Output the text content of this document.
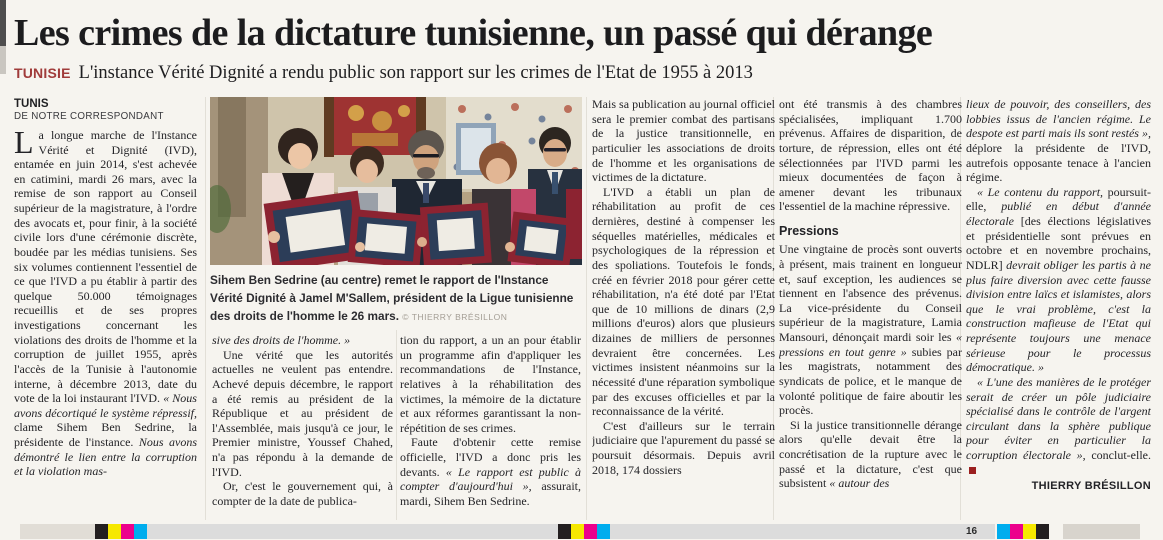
Les crimes de la dictature tunisienne, un passé qui dérange
TUNISIE L'instance Vérité Dignité a rendu public son rapport sur les crimes de l'Etat de 1955 à 2013
TUNIS
DE NOTRE CORRESPONDANT

La longue marche de l'Instance Vérité et Dignité (IVD), entamée en juin 2014, s'est achevée en catimini, mardi 26 mars, avec la remise de son rapport au Conseil supérieur de la magistrature, à l'ordre des avocats et, pour finir, à la société civile lors d'une cérémonie discrète, boudée par les médias tunisiens. Ses six volumes contiennent l'essentiel de ce que l'IVD a pu établir à partir des quelque 50.000 témoignages recueillis et de ses propres investigations concernant les violations des droits de l'homme et la corruption de juillet 1955, après l'accès de la Tunisie à l'autonomie interne, à décembre 2013, date du vote de la loi instaurant l'IVD. « Nous avons décortiqué le système répressif, clame Sihem Ben Sedrine, la présidente de l'instance. Nous avons démontré le lien entre la corruption et la violation mas-

Sihem Ben Sedrine (au centre) remet le rapport de l'Instance Vérité Dignité à Jamel M'Sallem, président de la Ligue tunisienne des droits de l'homme le 26 mars. © THIERRY BRÉSILLON

sive des droits de l'homme. »

Une vérité que les autorités actuelles ne veulent pas entendre. Achevé depuis décembre, le rapport a été remis au président de la République et au président de l'Assemblée, mais jusqu'à ce jour, le Premier ministre, Youssef Chahed, n'a pas répondu à la demande de l'IVD.

Or, c'est le gouvernement qui, à compter de la date de publica-

tion du rapport, a un an pour établir un programme afin d'appliquer les recommandations de l'Instance, relatives à la réhabilitation des victimes, la mémoire de la dictature et aux réformes garantissant la non-répétition de ses crimes.

Faute d'obtenir cette remise officielle, l'IVD a donc pris les devants. « Le rapport est public à compter d'aujourd'hui », assurait, mardi, Sihem Ben Sedrine.

Mais sa publication au journal officiel sera le premier combat des partisans de la justice transitionnelle, en particulier les associations de droits de l'homme et les organisations de victimes de la dictature.

L'IVD a établi un plan de réhabilitation au profit de ces dernières, destiné à compenser les séquelles matérielles, médicales et psychologiques de la répression et des spoliations. Toutefois le fonds, créé en février 2018 pour gérer cette réhabilitation, n'a été doté par l'Etat que de 10 millions de dinars (2,9 millions d'euros) alors que plusieurs dizaines de milliers de personnes devraient être concernées. Les victimes insistent néanmoins sur la nécessité d'une réparation symbolique par des excuses officielles et par la reconnaissance de la vérité.

C'est d'ailleurs sur le terrain judiciaire que l'apurement du passé se poursuit désormais. Depuis avril 2018, 174 dossiers

ont été transmis à des chambres spécialisées, impliquant 1.700 prévenus. Affaires de disparition, de torture, de répression, elles ont été sélectionnées par l'IVD parmi les mieux documentées de façon à amener devant les tribunaux l'essentiel de la machine répressive.

Pressions

Une vingtaine de procès sont ouverts à présent, mais trainent en longueur et, sauf exception, les audiences se tiennent en l'absence des prévenus. La vice-présidente du Conseil supérieur de la magistrature, Lamia Mansouri, dénonçait mardi soir les « pressions en tout genre » subies par les magistrats, notamment des syndicats de police, et le manque de volonté politique de faire aboutir les procès.

Si la justice transitionnelle dérange alors qu'elle devait être la concrétisation de la rupture avec le passé et la dictature, c'est que subsistent « autour des

lieux de pouvoir, des conseillers, des lobbies issus de l'ancien régime. Le despote est parti mais ils sont restés », déplore la présidente de l'IVD, autrefois opposante tenace à l'ancien régime.

« Le contenu du rapport, poursuit-elle, publié en début d'année électorale [des élections législatives et présidentielle sont prévues en octobre et en novembre prochains, NDLR] devrait obliger les partis à ne plus faire diversion avec cette fausse division entre laïcs et islamistes, alors que le vrai problème, c'est la construction mafieuse de l'Etat qui représente toujours une menace sérieuse pour le processus démocratique. »

« L'une des manières de le protéger serait de créer un pôle judiciaire spécialisé dans le contrôle de l'argent circulant dans la sphère publique pour éviter en particulier la corruption électorale », conclut-elle.

THIERRY BRÉSILLON
16
